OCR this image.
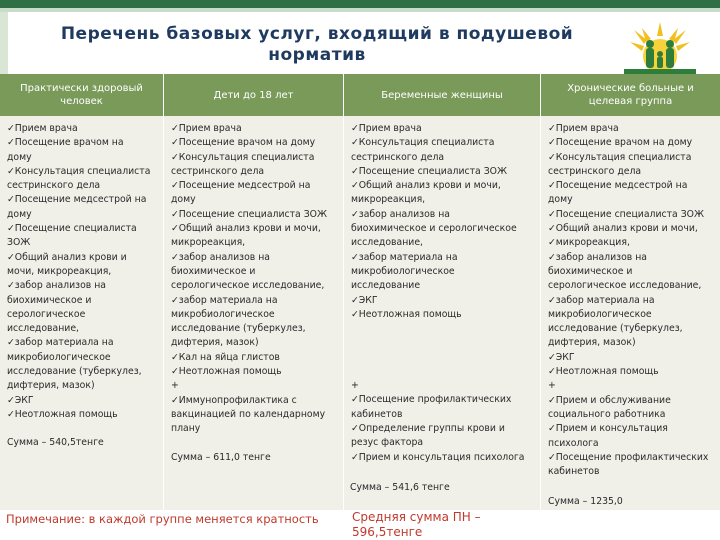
Перечень базовых услуг, входящий в подушевой
норматив
Практически здоровый человек
Дети до 18 лет	Беременные женщины
Хронические больные и целевая группа
✓Прием врача
✓Посещение врачом на
дому
✓Консультация специалиста
сестринского дела
✓Посещение медсестрой на
дому
✓Посещение специалиста
ЗОЖ
✓Общий анализ крови и
мочи, микрореакция,
✓забор анализов на
биохимическое и
серологическое
исследование,
✓забор материала на
микробиологическое
исследование (туберкулез,
дифтерия, мазок)
✓ЭКГ
✓Неотложная помощь
Сумма – 540,5тенге
✓Прием врача
✓Посещение врачом на дому
✓Консультация специалиста
сестринского дела
✓Посещение медсестрой на
дому
✓Посещение специалиста ЗОЖ
✓Общий анализ крови и мочи,
микрореакция,
✓забор анализов на
биохимическое и
серологическое исследование,
✓забор материала на
микробиологическое
исследование (туберкулез,
дифтерия, мазок)
✓Кал на яйца глистов
✓Неотложная помощь
+
✓Иммунопрофилактика с
вакцинацией по календарному
плану
Сумма – 611,0 тенге
✓Прием врача
✓Консультация специалиста
сестринского дела
✓Посещение специалиста ЗОЖ
✓Общий анализ крови и мочи,
микрореакция,
✓забор анализов на
биохимическое и серологическое
исследование,
✓забор материала на
микробиологическое
исследование
✓ЭКГ
✓Неотложная помощь
+
✓Посещение профилактических
кабинетов
✓Определение группы крови и
резус фактора
✓Прием и консультация психолога
✓Прием врача
✓Посещение врачом на дому
✓Консультация специалиста
сестринского дела
✓Посещение медсестрой на
дому
✓Посещение специалиста ЗОЖ
✓Общий анализ крови и мочи,
✓микрореакция,
✓забор анализов на
биохимическое и
серологическое исследование,
✓забор материала на
микробиологическое
исследование (туберкулез,
дифтерия, мазок)
✓ЭКГ
✓Неотложная помощь
+
✓Прием и обслуживание
социального работника
✓Прием и консультация
психолога
✓Посещение профилактических
кабинетов
Сумма – 541,6 тенге
Сумма – 1235,0
Примечание: в каждой группе меняется кратность	Средняя сумма ПН –
596,5тенге
